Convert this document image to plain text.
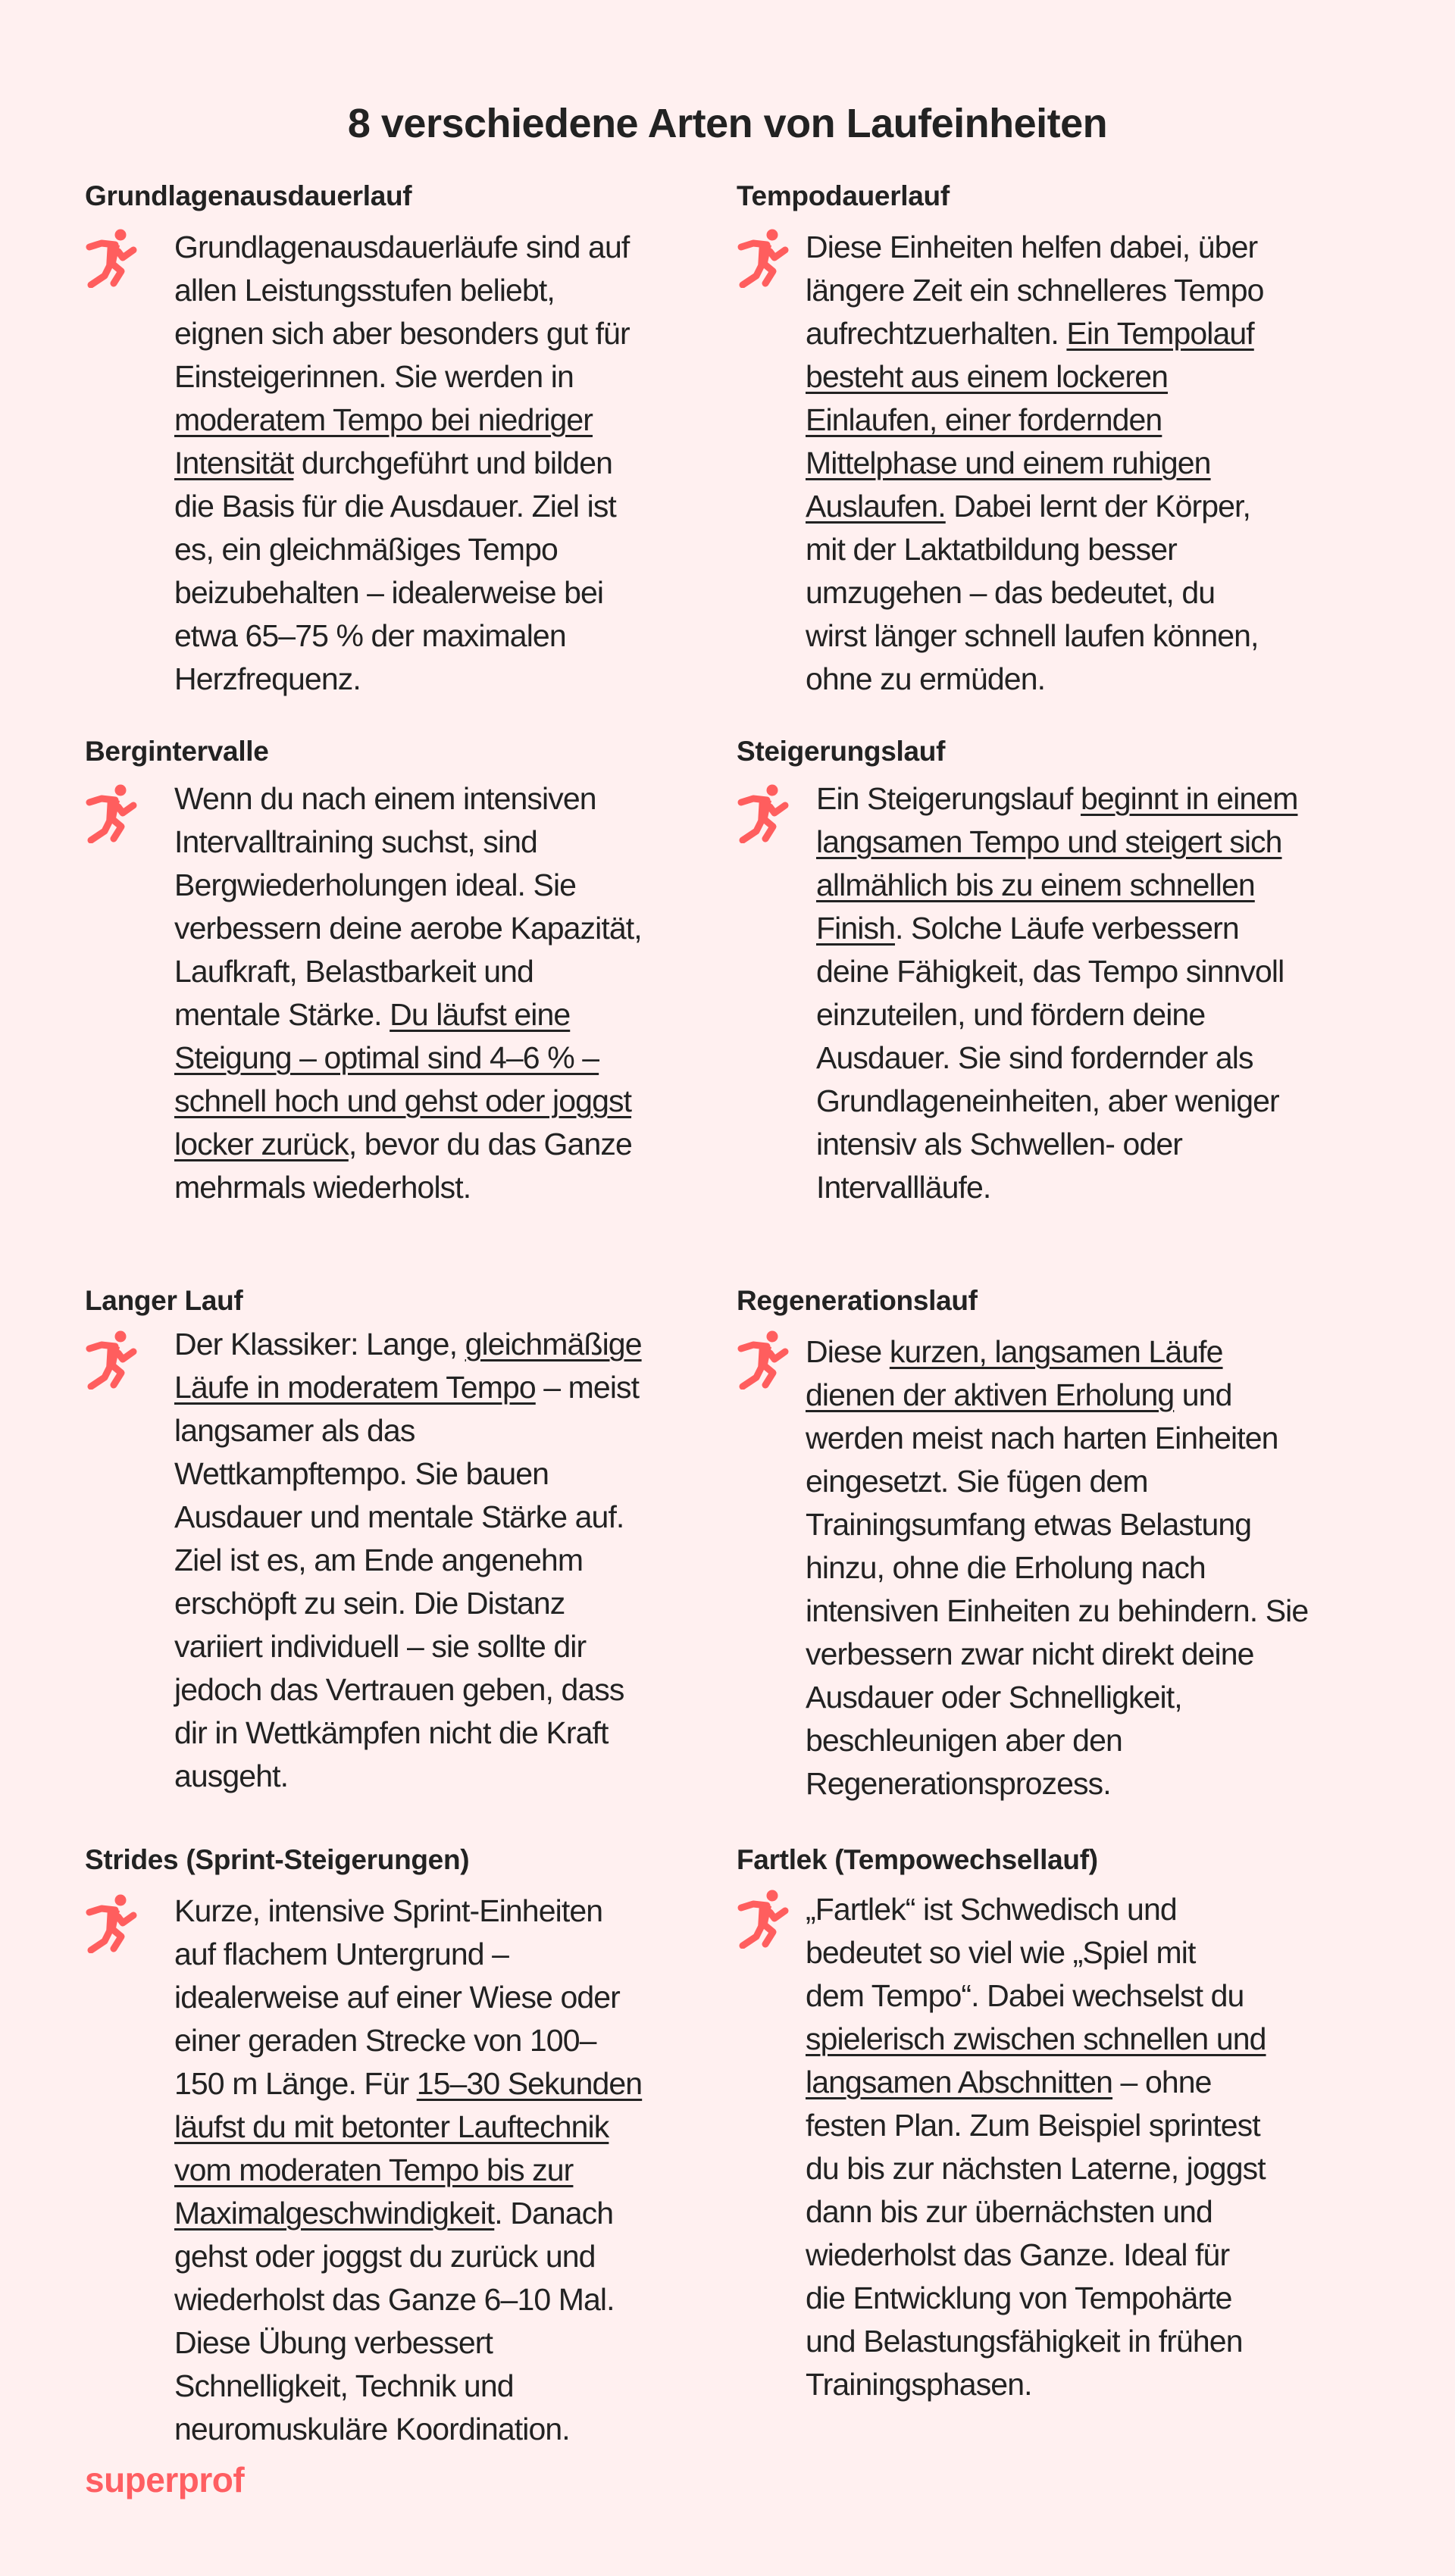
8 verschiedene Arten von Laufeinheiten
Grundlagenausdauerlauf
Grundlagenausdauerläufe sind auf
allen Leistungsstufen beliebt,
eignen sich aber besonders gut für
Einsteigerinnen. Sie werden in
moderatem Tempo bei niedriger
Intensität durchgeführt und bilden
die Basis für die Ausdauer. Ziel ist
es, ein gleichmäßiges Tempo
beizubehalten – idealerweise bei
etwa 65–75 % der maximalen
Herzfrequenz.
Tempodauerlauf
Diese Einheiten helfen dabei, über
längere Zeit ein schnelleres Tempo
aufrechtzuerhalten. Ein Tempolauf
besteht aus einem lockeren
Einlaufen, einer fordernden
Mittelphase und einem ruhigen
Auslaufen. Dabei lernt der Körper,
mit der Laktatbildung besser
umzugehen – das bedeutet, du
wirst länger schnell laufen können,
ohne zu ermüden.
Bergintervalle
Wenn du nach einem intensiven
Intervalltraining suchst, sind
Bergwiederholungen ideal. Sie
verbessern deine aerobe Kapazität,
Laufkraft, Belastbarkeit und
mentale Stärke. Du läufst eine
Steigung – optimal sind 4–6 % –
schnell hoch und gehst oder joggst
locker zurück, bevor du das Ganze
mehrmals wiederholst.
Steigerungslauf
Ein Steigerungslauf beginnt in einem
langsamen Tempo und steigert sich
allmählich bis zu einem schnellen
Finish. Solche Läufe verbessern
deine Fähigkeit, das Tempo sinnvoll
einzuteilen, und fördern deine
Ausdauer. Sie sind fordernder als
Grundlageneinheiten, aber weniger
intensiv als Schwellen- oder
Intervallläufe.
Langer Lauf
Der Klassiker: Lange, gleichmäßige
Läufe in moderatem Tempo – meist
langsamer als das
Wettkampftempo. Sie bauen
Ausdauer und mentale Stärke auf.
Ziel ist es, am Ende angenehm
erschöpft zu sein. Die Distanz
variiert individuell – sie sollte dir
jedoch das Vertrauen geben, dass
dir in Wettkämpfen nicht die Kraft
ausgeht.
Regenerationslauf
Diese kurzen, langsamen Läufe
dienen der aktiven Erholung und
werden meist nach harten Einheiten
eingesetzt. Sie fügen dem
Trainingsumfang etwas Belastung
hinzu, ohne die Erholung nach
intensiven Einheiten zu behindern. Sie
verbessern zwar nicht direkt deine
Ausdauer oder Schnelligkeit,
beschleunigen aber den
Regenerationsprozess.
Strides (Sprint-Steigerungen)
Kurze, intensive Sprint-Einheiten
auf flachem Untergrund –
idealerweise auf einer Wiese oder
einer geraden Strecke von 100–
150 m Länge. Für 15–30 Sekunden
läufst du mit betonter Lauftechnik
vom moderaten Tempo bis zur
Maximalgeschwindigkeit. Danach
gehst oder joggst du zurück und
wiederholst das Ganze 6–10 Mal.
Diese Übung verbessert
Schnelligkeit, Technik und
neuromuskuläre Koordination.
Fartlek (Tempowechsellauf)
„Fartlek“ ist Schwedisch und
bedeutet so viel wie „Spiel mit
dem Tempo“. Dabei wechselst du
spielerisch zwischen schnellen und
langsamen Abschnitten – ohne
festen Plan. Zum Beispiel sprintest
du bis zur nächsten Laterne, joggst
dann bis zur übernächsten und
wiederholst das Ganze. Ideal für
die Entwicklung von Tempohärte
und Belastungsfähigkeit in frühen
Trainingsphasen.
superprof
